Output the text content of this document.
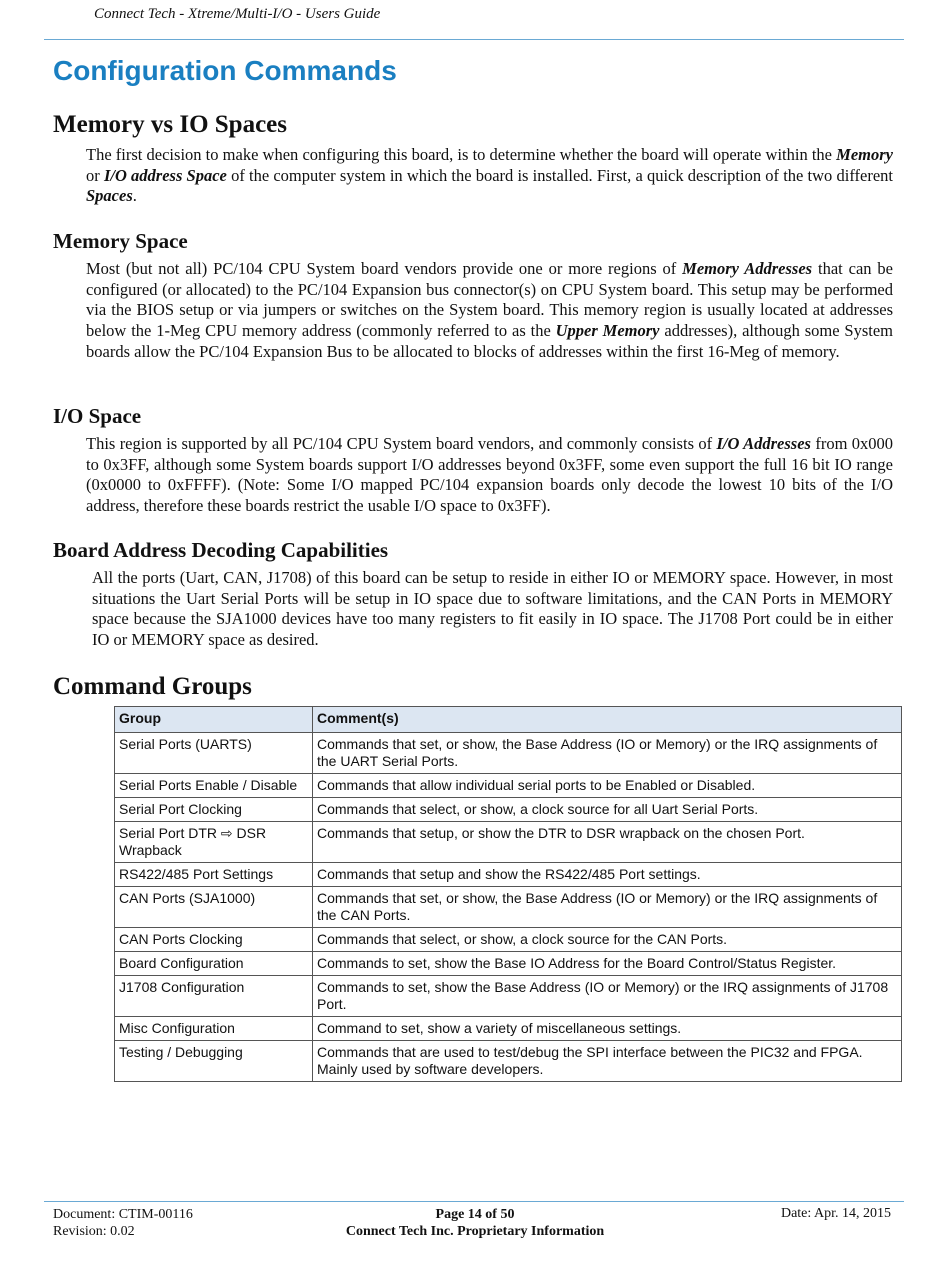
Connect Tech - Xtreme/Multi-I/O - Users Guide
Configuration Commands
Memory vs IO Spaces
The first decision to make when configuring this board, is to determine whether the board will operate within the Memory or I/O address Space of the computer system in which the board is installed. First, a quick description of the two different Spaces.
Memory Space
Most (but not all) PC/104 CPU System board vendors provide one or more regions of Memory Addresses that can be configured (or allocated) to the PC/104 Expansion bus connector(s) on CPU System board. This setup may be performed via the BIOS setup or via jumpers or switches on the System board. This memory region is usually located at addresses below the 1-Meg CPU memory address (commonly referred to as the Upper Memory addresses), although some System boards allow the PC/104 Expansion Bus to be allocated to blocks of addresses within the first 16-Meg of memory.
I/O Space
This region is supported by all PC/104 CPU System board vendors, and commonly consists of I/O Addresses from 0x000 to 0x3FF, although some System boards support I/O addresses beyond 0x3FF, some even support the full 16 bit IO range (0x0000 to 0xFFFF). (Note: Some I/O mapped PC/104 expansion boards only decode the lowest 10 bits of the I/O address, therefore these boards restrict the usable I/O space to 0x3FF).
Board Address Decoding Capabilities
All the ports (Uart, CAN, J1708) of this board can be setup to reside in either IO or MEMORY space. However, in most situations the Uart Serial Ports will be setup in IO space due to software limitations, and the CAN Ports in MEMORY space because the SJA1000 devices have too many registers to fit easily in IO space. The J1708 Port could be in either IO or MEMORY space as desired.
Command Groups
Group	Comment(s)
Serial Ports (UARTS)	Commands that set, or show, the Base Address (IO or Memory) or the IRQ assignments of the UART Serial Ports.
Serial Ports Enable / Disable	Commands that allow individual serial ports to be Enabled or Disabled.
Serial Port Clocking	Commands that select, or show, a clock source for all Uart Serial Ports.
Serial Port DTR ⇨ DSR Wrapback	Commands that setup, or show the DTR to DSR wrapback on the chosen Port.
RS422/485 Port Settings	Commands that setup and show the RS422/485 Port settings.
CAN Ports (SJA1000)	Commands that set, or show, the Base Address (IO or Memory) or the IRQ assignments of the CAN Ports.
CAN Ports Clocking	Commands that select, or show, a clock source for the CAN Ports.
Board Configuration	Commands to set, show the Base IO Address for the Board Control/Status Register.
J1708 Configuration	Commands to set, show the Base Address (IO or Memory) or the IRQ assignments of J1708 Port.
Misc Configuration	Command to set, show a variety of miscellaneous settings.
Testing / Debugging	Commands that are used to test/debug the SPI interface between the PIC32 and FPGA. Mainly used by software developers.
Document: CTIM-00116
Revision: 0.02
Page 14 of 50
Connect Tech Inc. Proprietary Information
Date: Apr. 14, 2015
